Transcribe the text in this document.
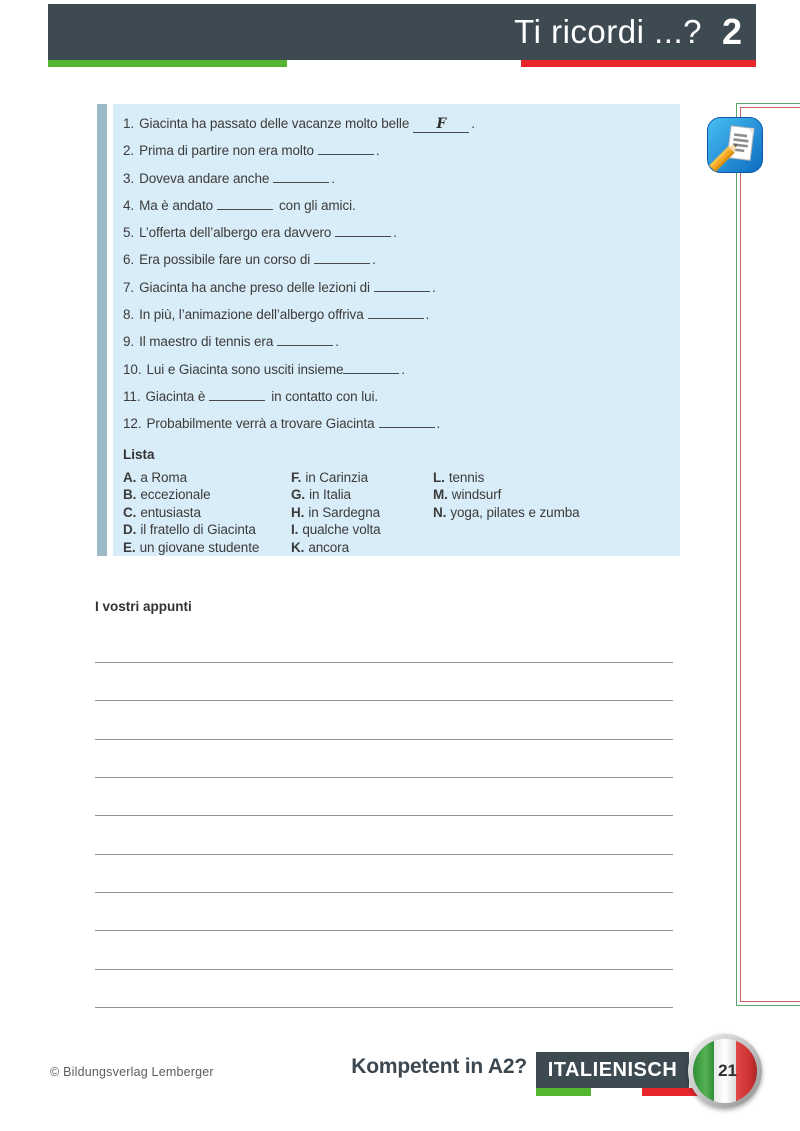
Ti ricordi ...? 2
1. Giacinta ha passato delle vacanze molto belle F .
2. Prima di partire non era molto	.
3. Doveva andare anche	.
4. Ma è andato	con gli amici.
5. L’offerta dell’albergo era davvero	.
6. Era possibile fare un corso di	.
7. Giacinta ha anche preso delle lezioni di	.
8. In più, l’animazione dell’albergo offriva	.
9. Il maestro di tennis era	.
10. Lui e Giacinta sono usciti insieme	.
11. Giacinta è	in contatto con lui.
12. Probabilmente verrà a trovare Giacinta	.
Lista
A. a Roma
B. eccezionale
C. entusiasta
D. il fratello di Giacinta
E. un giovane studente
F. in Carinzia
G. in Italia
H. in Sardegna
I. qualche volta
K. ancora
L. tennis
M. windsurf
N. yoga, pilates e zumba
I vostri appunti
© Bildungsverlag Lemberger	Kompetent in A2? ITALIENISCH 21
